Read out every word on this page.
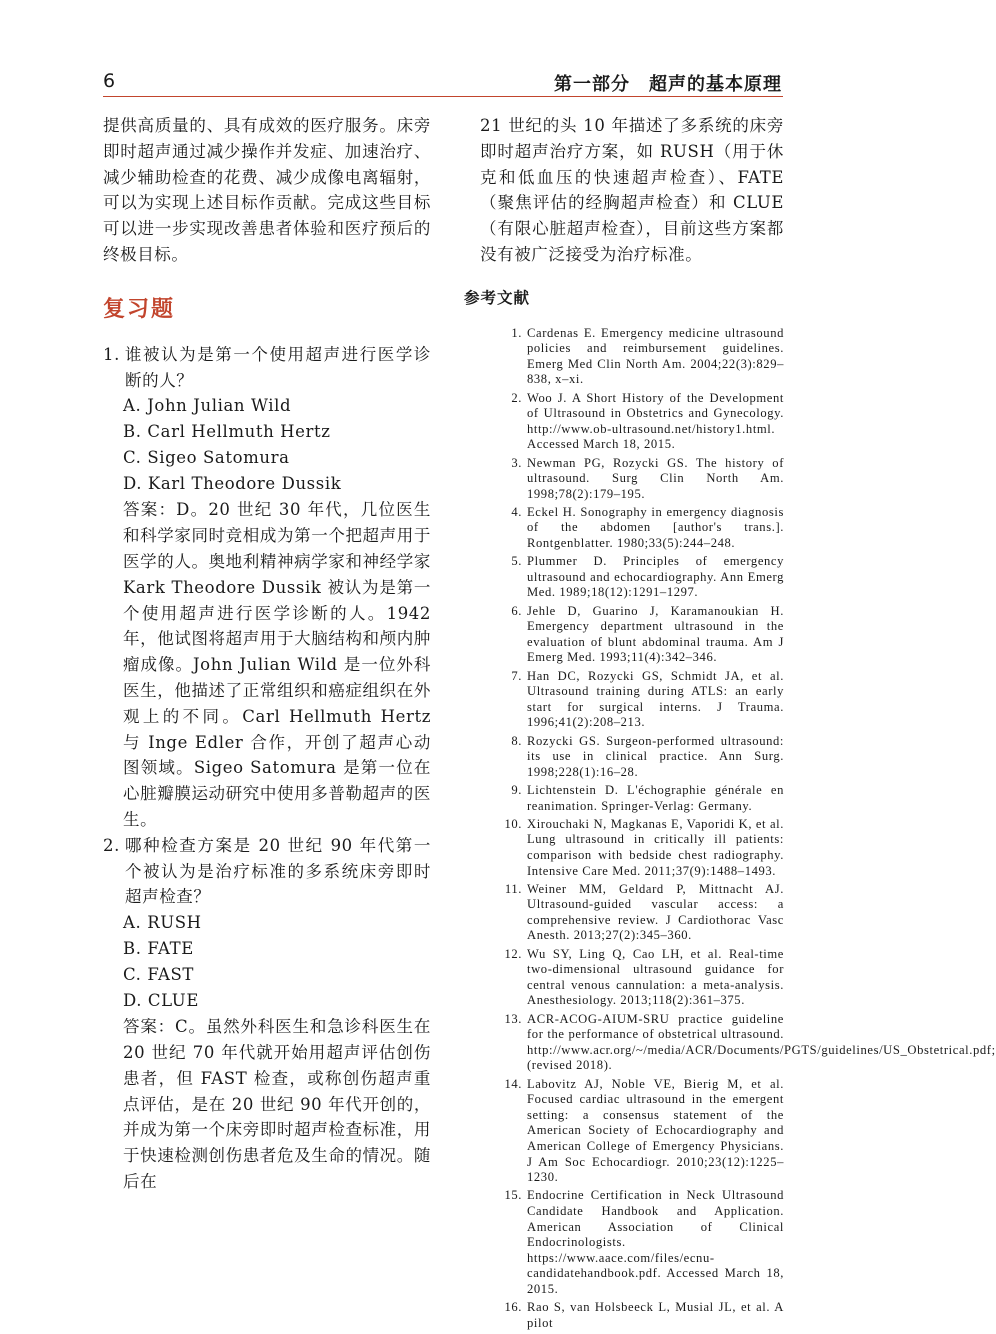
6	第一部分　超声的基本原理

提供高质量的、具有成效的医疗服务。床旁即时超声通过减少操作并发症、加速治疗、减少辅助检查的花费、减少成像电离辐射，可以为实现上述目标作贡献。完成这些目标可以进一步实现改善患者体验和医疗预后的终极目标。

复习题
1. 谁被认为是第一个使用超声进行医学诊断的人？
A. John Julian Wild
B. Carl Hellmuth Hertz
C. Sigeo Satomura
D. Karl Theodore Dussik

答案：D。20 世纪 30 年代，几位医生和科学家同时竞相成为第一个把超声用于医学的人。奥地利精神病学家和神经学家 Kark Theodore Dussik 被认为是第一个使用超声进行医学诊断的人。1942 年，他试图将超声用于大脑结构和颅内肿瘤成像。John Julian Wild 是一位外科医生，他描述了正常组织和癌症组织在外观上的不同。Carl Hellmuth Hertz 与 Inge Edler 合作，开创了超声心动图领域。Sigeo Satomura 是第一位在心脏瓣膜运动研究中使用多普勒超声的医生。

2. 哪种检查方案是 20 世纪 90 年代第一个被认为是治疗标准的多系统床旁即时超声检查？
A. RUSH
B. FATE
C. FAST
D. CLUE

答案：C。虽然外科医生和急诊科医生在 20 世纪 70 年代就开始用超声评估创伤患者，但 FAST 检查，或称创伤超声重点评估，是在 20 世纪 90 年代开创的，并成为第一个床旁即时超声检查标准，用于快速检测创伤患者危及生命的情况。随后在

21 世纪的头 10 年描述了多系统的床旁即时超声治疗方案，如 RUSH（用于休克和低血压的快速超声检查）、FATE（聚焦评估的经胸超声检查）和 CLUE（有限心脏超声检查），目前这些方案都没有被广泛接受为治疗标准。

参考文献
1. Cardenas E. Emergency medicine ultrasound policies and reimbursement guidelines. Emerg Med Clin North Am. 2004;22(3):829–838, x–xi.
2. Woo J. A Short History of the Development of Ultrasound in Obstetrics and Gynecology. http://www.ob-ultrasound.net/history1.html. Accessed March 18, 2015.
3. Newman PG, Rozycki GS. The history of ultrasound. Surg Clin North Am. 1998;78(2):179–195.
4. Eckel H. Sonography in emergency diagnosis of the abdomen [author's trans.]. Rontgenblatter. 1980;33(5):244–248.
5. Plummer D. Principles of emergency ultrasound and echocardiography. Ann Emerg Med. 1989;18(12):1291–1297.
6. Jehle D, Guarino J, Karamanoukian H. Emergency department ultrasound in the evaluation of blunt abdominal trauma. Am J Emerg Med. 1993;11(4):342–346.
7. Han DC, Rozycki GS, Schmidt JA, et al. Ultrasound training during ATLS: an early start for surgical interns. J Trauma. 1996;41(2):208–213.
8. Rozycki GS. Surgeon-performed ultrasound: its use in clinical practice. Ann Surg. 1998;228(1):16–28.
9. Lichtenstein D. L'échographie générale en reanimation. Springer-Verlag: Germany.
10. Xirouchaki N, Magkanas E, Vaporidi K, et al. Lung ultrasound in critically ill patients: comparison with bedside chest radiography. Intensive Care Med. 2011;37(9):1488–1493.
11. Weiner MM, Geldard P, Mittnacht AJ. Ultrasound-guided vascular access: a comprehensive review. J Cardiothorac Vasc Anesth. 2013;27(2):345–360.
12. Wu SY, Ling Q, Cao LH, et al. Real-time two-dimensional ultrasound guidance for central venous cannulation: a meta-analysis. Anesthesiology. 2013;118(2):361–375.
13. ACR-ACOG-AIUM-SRU practice guideline for the performance of obstetrical ultrasound. http://www.acr.org/~/media/ACR/Documents/PGTS/guidelines/US_Obstetrical.pdf; (revised 2018).
14. Labovitz AJ, Noble VE, Bierig M, et al. Focused cardiac ultrasound in the emergent setting: a consensus statement of the American Society of Echocardiography and American College of Emergency Physicians. J Am Soc Echocardiogr. 2010;23(12):1225–1230.
15. Endocrine Certification in Neck Ultrasound Candidate Handbook and Application. American Association of Clinical Endocrinologists. https://www.aace.com/files/ecnu-candidatehandbook.pdf. Accessed March 18, 2015.
16. Rao S, van Holsbeeck L, Musial JL, et al. A pilot
